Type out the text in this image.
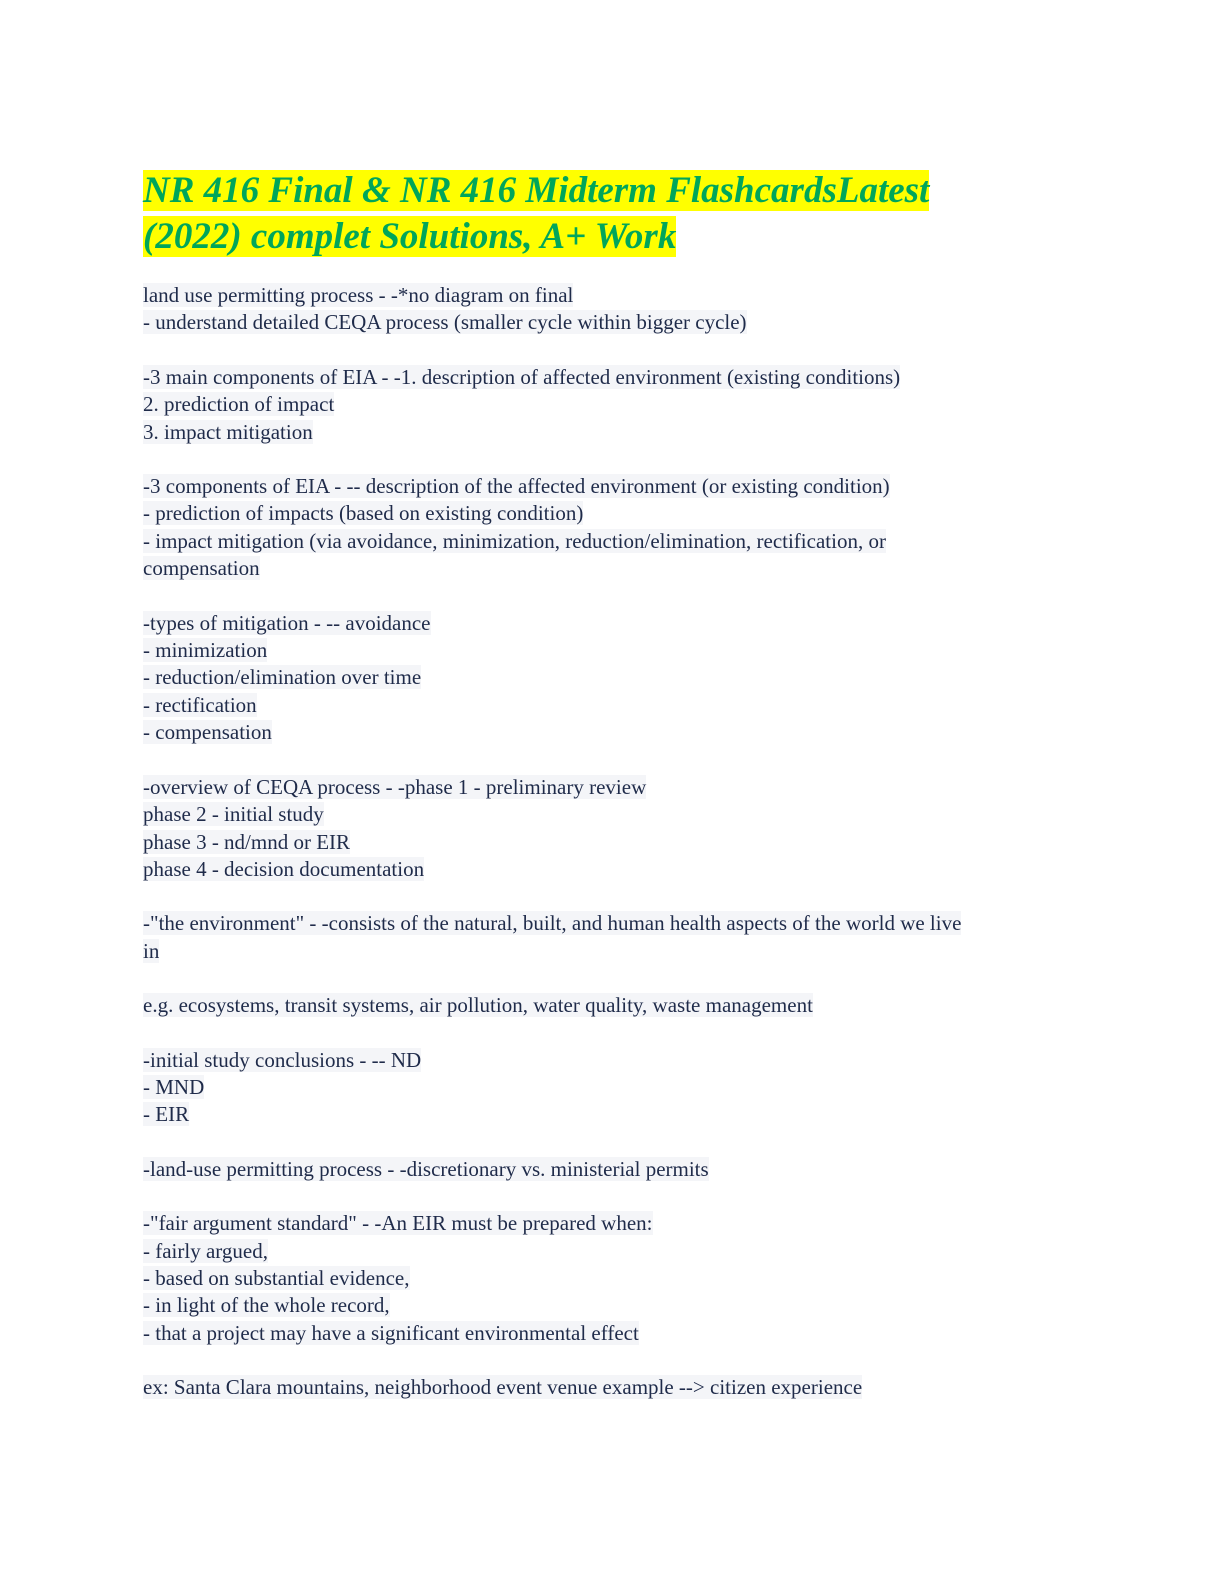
NR 416 Final & NR 416 Midterm FlashcardsLatest
(2022) complet Solutions, A+ Work
land use permitting process - -*no diagram on final
- understand detailed CEQA process (smaller cycle within bigger cycle)
-3 main components of EIA - -1. description of affected environment (existing conditions)
2. prediction of impact
3. impact mitigation
-3 components of EIA - -- description of the affected environment (or existing condition)
- prediction of impacts (based on existing condition)
- impact mitigation (via avoidance, minimization, reduction/elimination, rectification, or
compensation
-types of mitigation - -- avoidance
- minimization
- reduction/elimination over time
- rectification
- compensation
-overview of CEQA process - -phase 1 - preliminary review
phase 2 - initial study
phase 3 - nd/mnd or EIR
phase 4 - decision documentation
-"the environment" - -consists of the natural, built, and human health aspects of the world we live
in
e.g. ecosystems, transit systems, air pollution, water quality, waste management
-initial study conclusions - -- ND
- MND
- EIR
-land-use permitting process - -discretionary vs. ministerial permits
-"fair argument standard" - -An EIR must be prepared when:
- fairly argued,
- based on substantial evidence,
- in light of the whole record,
- that a project may have a significant environmental effect
ex: Santa Clara mountains, neighborhood event venue example --> citizen experience
